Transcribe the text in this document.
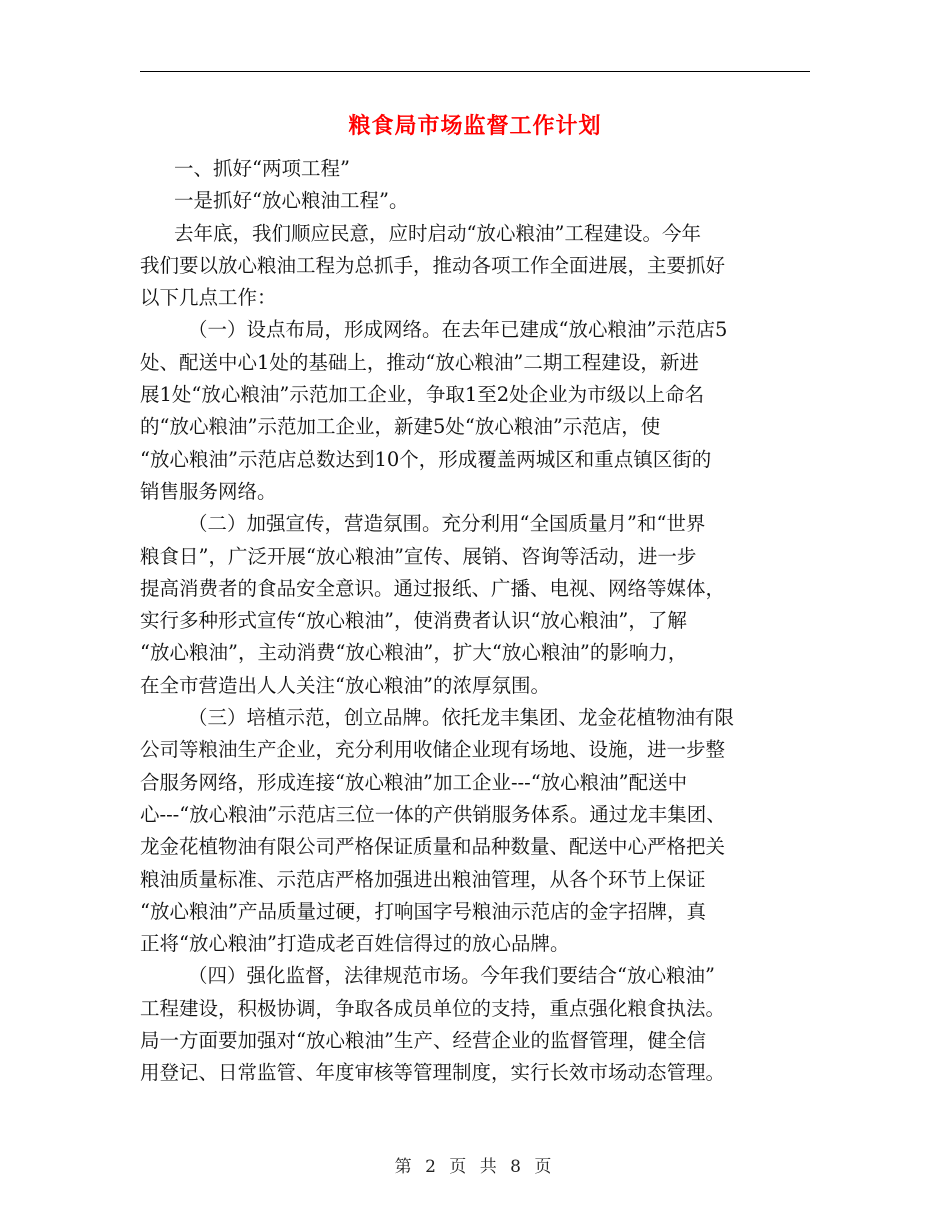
粮食局市场监督工作计划

一、抓好“两项工程”

一是抓好“放心粮油工程”。

去年底，我们顺应民意，应时启动“放心粮油”工程建设。今年

我们要以放心粮油工程为总抓手，推动各项工作全面进展，主要抓好

以下几点工作：

（一）设点布局，形成网络。在去年已建成“放心粮油”示范店5

处、配送中心1处的基础上，推动“放心粮油”二期工程建设，新进

展1处“放心粮油”示范加工企业，争取1至2处企业为市级以上命名

的“放心粮油”示范加工企业，新建5处“放心粮油”示范店，使

“放心粮油”示范店总数达到10个，形成覆盖两城区和重点镇区街的

销售服务网络。

（二）加强宣传，营造氛围。充分利用“全国质量月”和“世界

粮食日”，广泛开展“放心粮油”宣传、展销、咨询等活动，进一步

提高消费者的食品安全意识。通过报纸、广播、电视、网络等媒体，

实行多种形式宣传“放心粮油”，使消费者认识“放心粮油”，了解

“放心粮油”，主动消费“放心粮油”，扩大“放心粮油”的影响力，

在全市营造出人人关注“放心粮油”的浓厚氛围。

（三）培植示范，创立品牌。依托龙丰集团、龙金花植物油有限

公司等粮油生产企业，充分利用收储企业现有场地、设施，进一步整

合服务网络，形成连接“放心粮油”加工企业---“放心粮油”配送中

心---“放心粮油”示范店三位一体的产供销服务体系。通过龙丰集团、

龙金花植物油有限公司严格保证质量和品种数量、配送中心严格把关

粮油质量标准、示范店严格加强进出粮油管理，从各个环节上保证

“放心粮油”产品质量过硬，打响国字号粮油示范店的金字招牌，真

正将“放心粮油”打造成老百姓信得过的放心品牌。

（四）强化监督，法律规范市场。今年我们要结合“放心粮油”

工程建设，积极协调，争取各成员单位的支持，重点强化粮食执法。

局一方面要加强对“放心粮油”生产、经营企业的监督管理，健全信

用登记、日常监管、年度审核等管理制度，实行长效市场动态管理。

第 2 页 共 8 页
